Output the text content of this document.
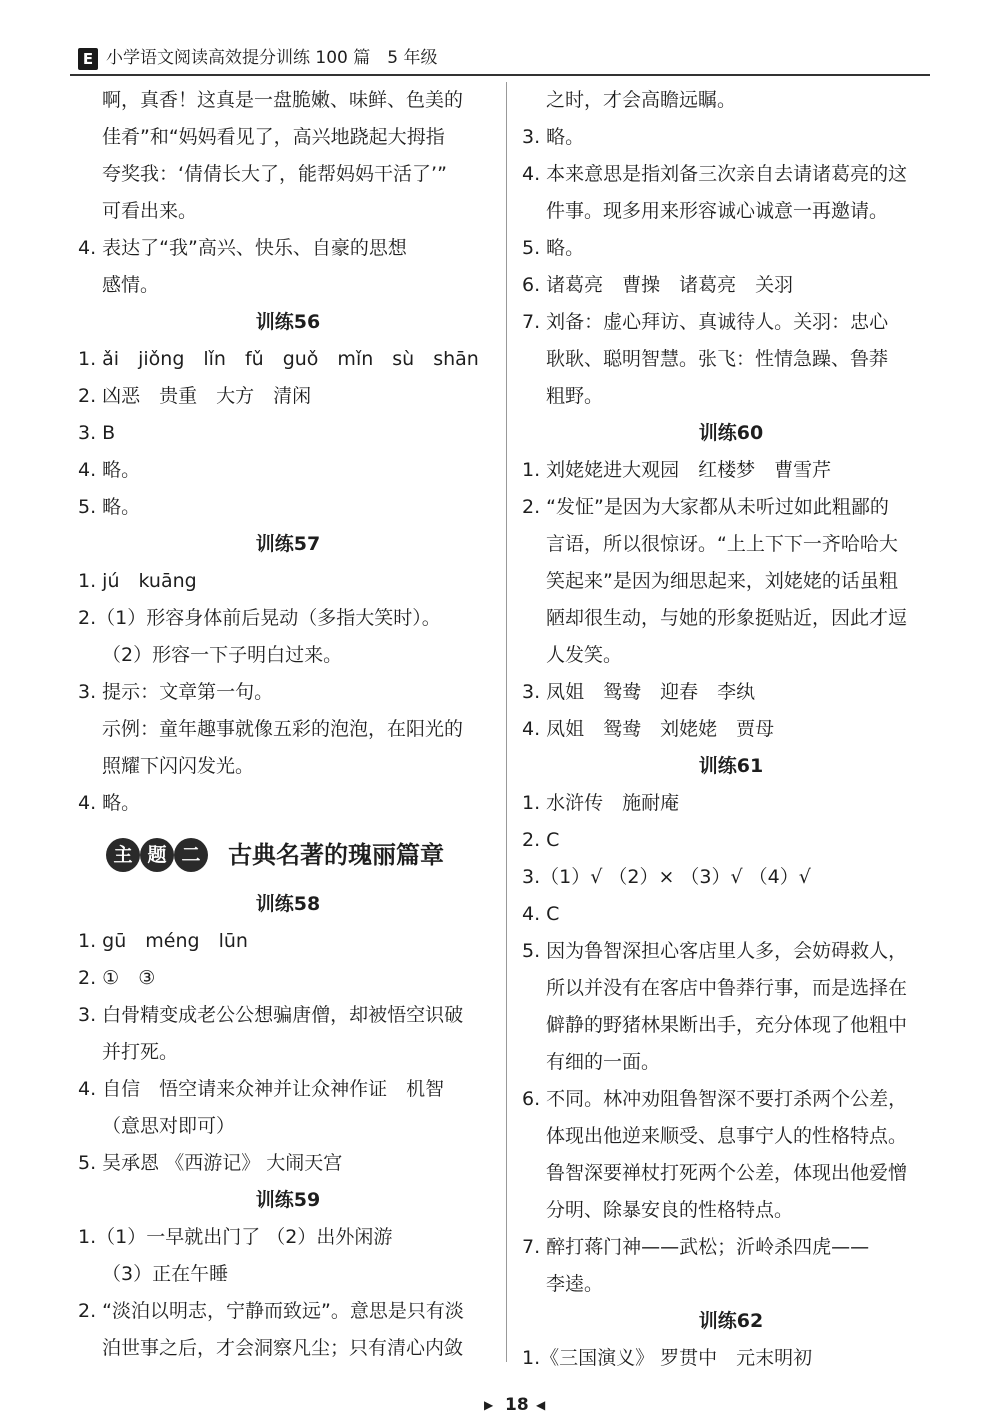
E 小学语文阅读高效提分训练 100 篇　5 年级
啊，真香！这真是一盘脆嫩、味鲜、色美的
佳肴”和“妈妈看见了，高兴地跷起大拇指
夸奖我：‘倩倩长大了，能帮妈妈干活了’”
可看出来。
4. 表达了“我”高兴、快乐、自豪的思想
感情。
训练56
1. ǎi　jiǒng　lǐn　fǔ　guǒ　mǐn　sù　shān
2. 凶恶　贵重　大方　清闲
3. B
4. 略。
5. 略。
训练57
1. jú　kuāng
2.（1）形容身体前后晃动（多指大笑时）。
（2）形容一下子明白过来。
3. 提示：文章第一句。
示例：童年趣事就像五彩的泡泡，在阳光的
照耀下闪闪发光。
4. 略。
主 题 二	古典名著的瑰丽篇章
训练58
1. gū　méng　lūn
2. ①　③
3. 白骨精变成老公公想骗唐僧，却被悟空识破
并打死。
4. 自信　悟空请来众神并让众神作证　机智
（意思对即可）
5. 吴承恩 《西游记》 大闹天宫
训练59
1.（1）一早就出门了 （2）出外闲游
（3）正在午睡
2. “淡泊以明志，宁静而致远”。意思是只有淡
泊世事之后，才会洞察凡尘；只有清心内敛
之时，才会高瞻远瞩。
3. 略。
4. 本来意思是指刘备三次亲自去请诸葛亮的这
件事。现多用来形容诚心诚意一再邀请。
5. 略。
6. 诸葛亮　曹操　诸葛亮　关羽
7. 刘备：虚心拜访、真诚待人。关羽：忠心
耿耿、聪明智慧。张飞：性情急躁、鲁莽
粗野。
训练60
1. 刘姥姥进大观园　红楼梦　曹雪芹
2. “发怔”是因为大家都从未听过如此粗鄙的
言语，所以很惊讶。“上上下下一齐哈哈大
笑起来”是因为细思起来，刘姥姥的话虽粗
陋却很生动，与她的形象挺贴近，因此才逗
人发笑。
3. 凤姐　鸳鸯　迎春　李纨
4. 凤姐　鸳鸯　刘姥姥　贾母
训练61
1. 水浒传　施耐庵
2. C
3.（1）√ （2）× （3）√ （4）√
4. C
5. 因为鲁智深担心客店里人多，会妨碍救人，
所以并没有在客店中鲁莽行事，而是选择在
僻静的野猪林果断出手，充分体现了他粗中
有细的一面。
6. 不同。林冲劝阻鲁智深不要打杀两个公差，
体现出他逆来顺受、息事宁人的性格特点。
鲁智深要禅杖打死两个公差，体现出他爱憎
分明、除暴安良的性格特点。
7. 醉打蒋门神——武松；沂岭杀四虎——
李逵。
训练62
1.《三国演义》 罗贯中　元末明初
▶ 18 ◀
